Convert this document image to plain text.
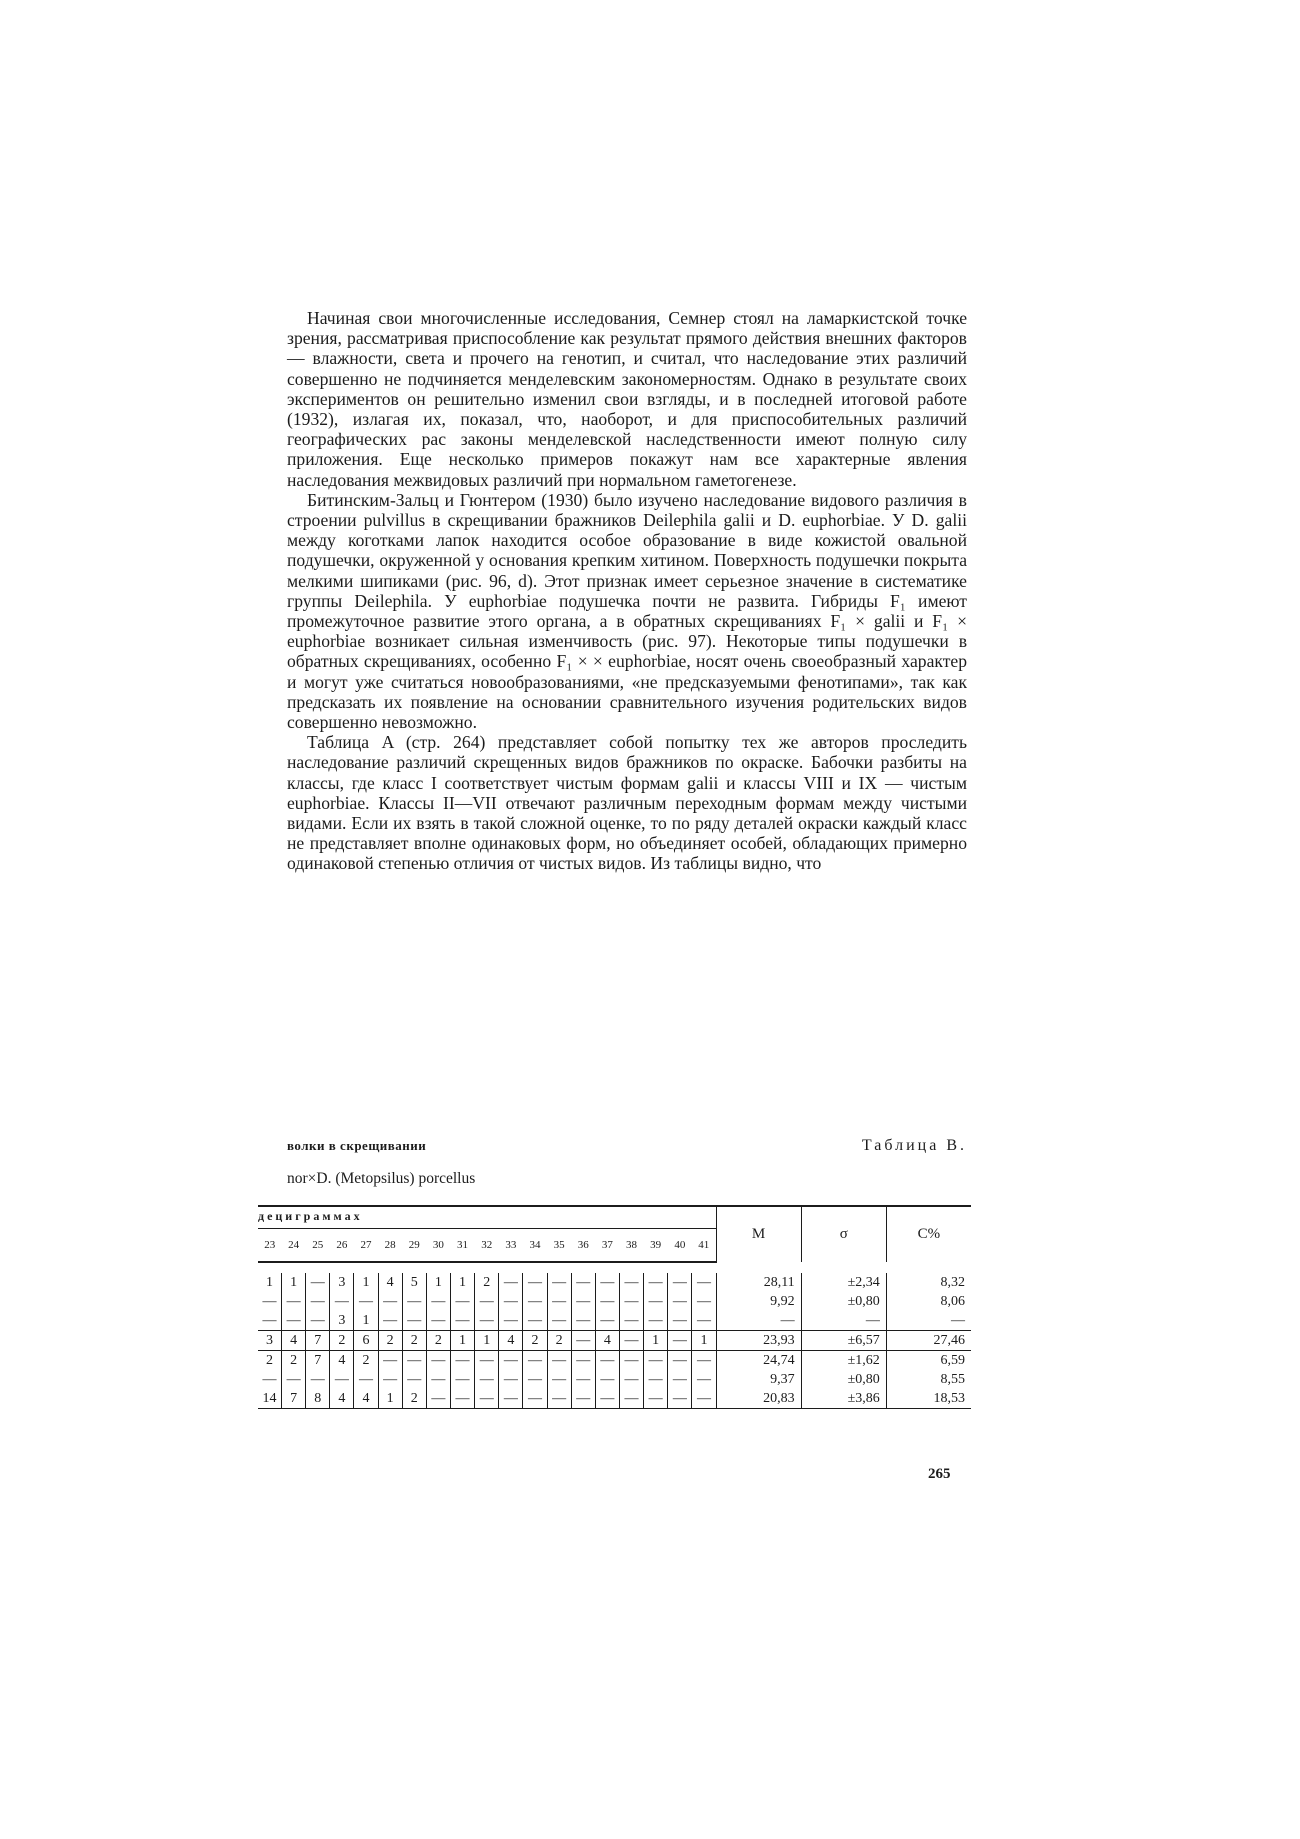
Начиная свои многочисленные исследования, Семнер стоял на ламаркистской точке зрения, рассматривая приспособление как результат прямого действия внешних факторов — влажности, света и прочего на генотип, и считал, что наследование этих различий совершенно не подчиняется менделевским закономерностям. Однако в результате своих экспериментов он решительно изменил свои взгляды, и в последней итоговой работе (1932), излагая их, показал, что, наоборот, и для приспособительных различий географических рас законы менделевской наследственности имеют полную силу приложения. Еще несколько примеров покажут нам все характерные явления наследования межвидовых различий при нормальном гаметогенезе.

Битинским-Зальц и Гюнтером (1930) было изучено наследование видового различия в строении pulvillus в скрещивании бражников Deilephila galii и D. euphorbiae. У D. galii между коготками лапок находится особое образование в виде кожистой овальной подушечки, окруженной у основания крепким хитином. Поверхность подушечки покрыта мелкими шипиками (рис. 96, d). Этот признак имеет серьезное значение в систематике группы Deilephila. У euphorbiae подушечка почти не развита. Гибриды F₁ имеют промежуточное развитие этого органа, а в обратных скрещиваниях F₁ × galii и F₁ × euphorbiae возникает сильная изменчивость (рис. 97). Некоторые типы подушечки в обратных скрещиваниях, особенно F₁ × × euphorbiae, носят очень своеобразный характер и могут уже считаться новообразованиями, «не предсказуемыми фенотипами», так как предсказать их появление на основании сравнительного изучения родительских видов совершенно невозможно.

Таблица A (стр. 264) представляет собой попытку тех же авторов проследить наследование различий скрещенных видов бражников по окраске. Бабочки разбиты на классы, где класс I соответствует чистым формам galii и классы VIII и IX — чистым euphorbiae. Классы II—VII отвечают различным переходным формам между чистыми видами. Если их взять в такой сложной оценке, то по ряду деталей окраски каждый класс не представляет вполне одинаковых форм, но объединяет особей, обладающих примерно одинаковой степенью отличия от чистых видов. Из таблицы видно, что

волки в скрещивании	Таблица B.
nor×D. (Metopsilus) porcellus
дециграммах																			M	σ	C%
23	24	25	26	27	28	29	30	31	32	33	34	35	36	37	38	39	40	41			

1	1	—	3	1	4	5	1	1	2	—	—	—	—	—	—	—	—	—	28,11	±2,34	8,32
—	—	—	—	—	—	—	—	—	—	—	—	—	—	—	—	—	—	—	9,92	±0,80	8,06
—	—	—	3	1	—	—	—	—	—	—	—	—	—	—	—	—	—	—	—	—	—
3	4	7	2	6	2	2	2	1	1	4	2	2	—	4	—	1	—	1	23,93	±6,57	27,46
2	2	7	4	2	—	—	—	—	—	—	—	—	—	—	—	—	—	—	24,74	±1,62	6,59
—	—	—	—	—	—	—	—	—	—	—	—	—	—	—	—	—	—	—	9,37	±0,80	8,55
14	7	8	4	4	1	2	—	—	—	—	—	—	—	—	—	—	—	—	20,83	±3,86	18,53
265
